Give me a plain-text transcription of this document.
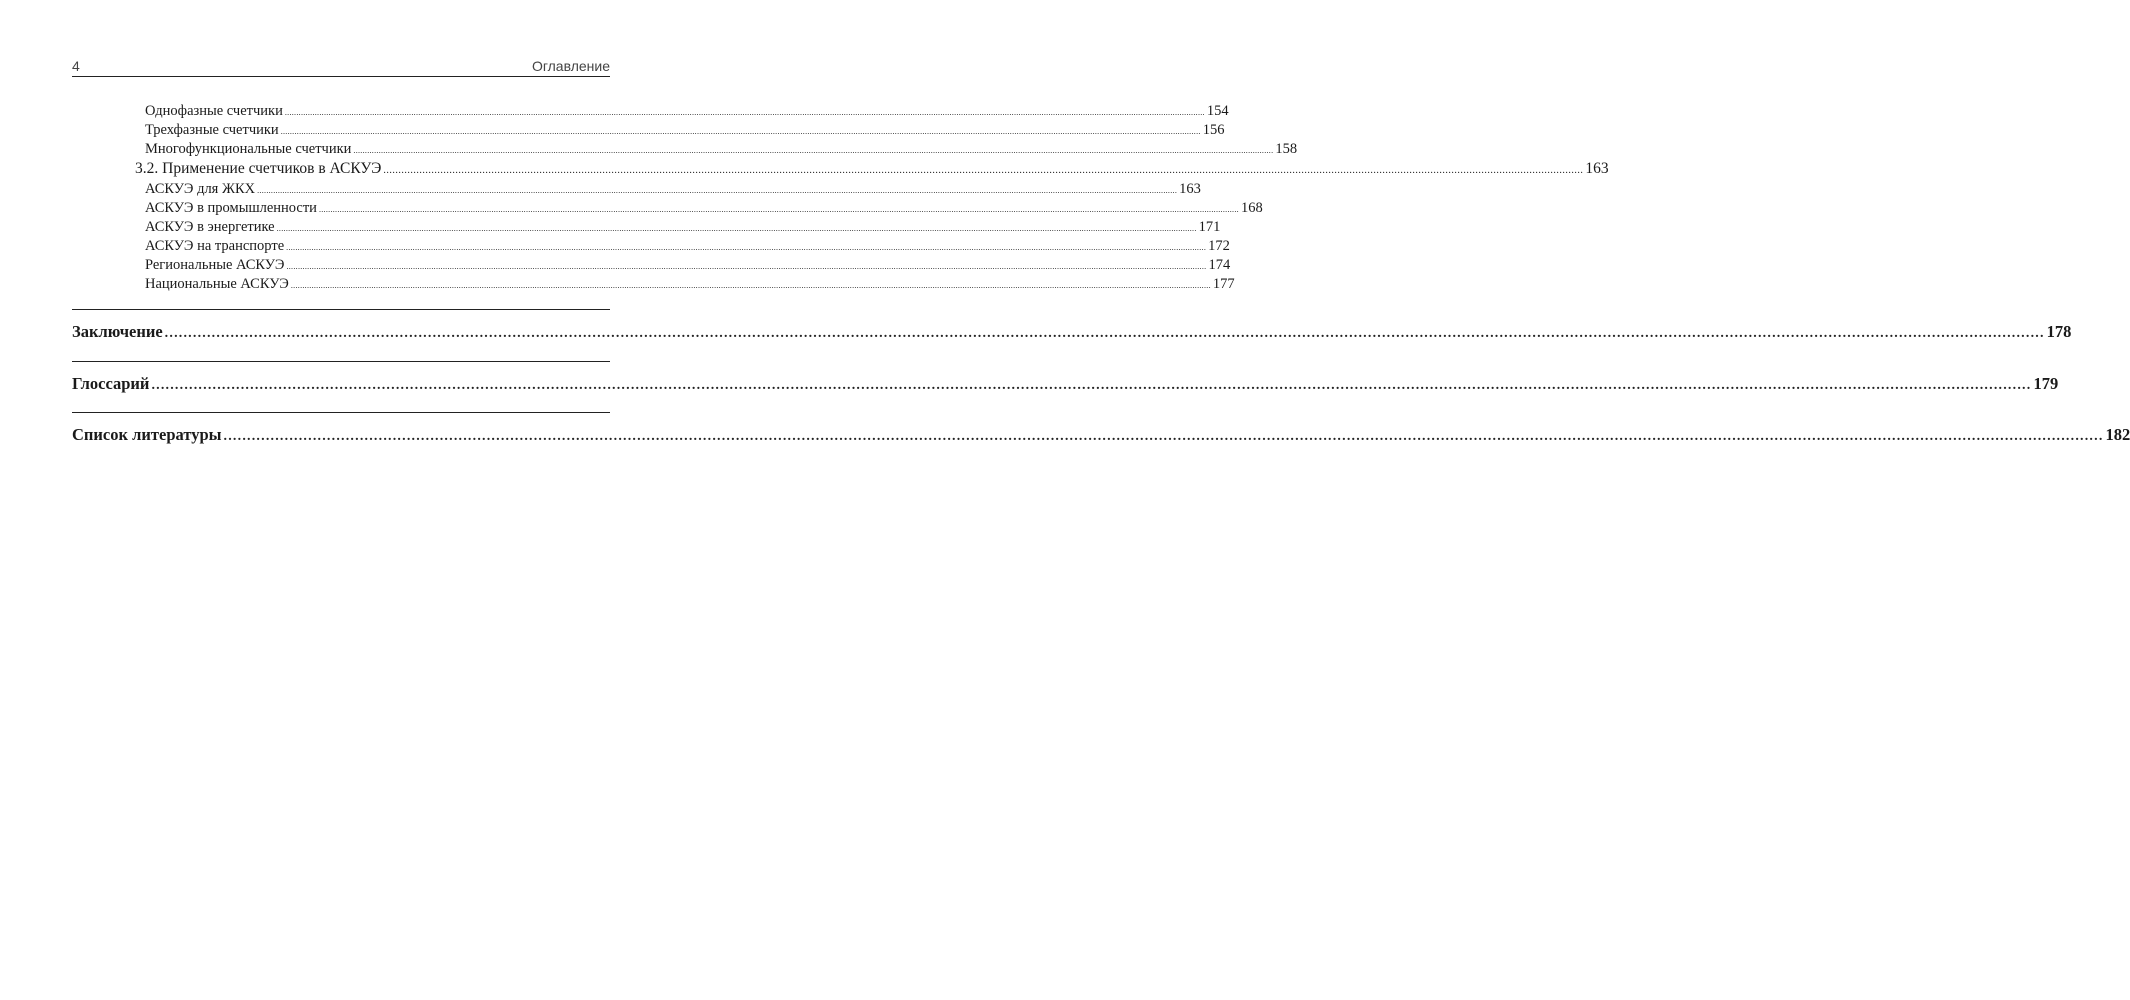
4	Оглавление
Однофазные счетчики ................................................................................................................................................................................................................................................................................................................................................................................................................ 154
Трехфазные счетчики ................................................................................................................................................................................................................................................................................................................................................................................................................ 156
Многофункциональные счетчики ................................................................................................................................................................................................................................................................................................................................................................................................................ 158
3.2. Применение счетчиков в АСКУЭ ................................................................................................................................................................................................................................................................................................................................................................................................................ 163
АСКУЭ для ЖКХ ................................................................................................................................................................................................................................................................................................................................................................................................................ 163
АСКУЭ в промышленности ................................................................................................................................................................................................................................................................................................................................................................................................................ 168
АСКУЭ в энергетике ................................................................................................................................................................................................................................................................................................................................................................................................................ 171
АСКУЭ на транспорте ................................................................................................................................................................................................................................................................................................................................................................................................................ 172
Региональные АСКУЭ ................................................................................................................................................................................................................................................................................................................................................................................................................ 174
Национальные АСКУЭ ................................................................................................................................................................................................................................................................................................................................................................................................................ 177
Заключение ................................................................................................................................................................................................................................................................................................................................................................................................................ 178
Глоссарий ................................................................................................................................................................................................................................................................................................................................................................................................................ 179
Список литературы ................................................................................................................................................................................................................................................................................................................................................................................................................ 182
